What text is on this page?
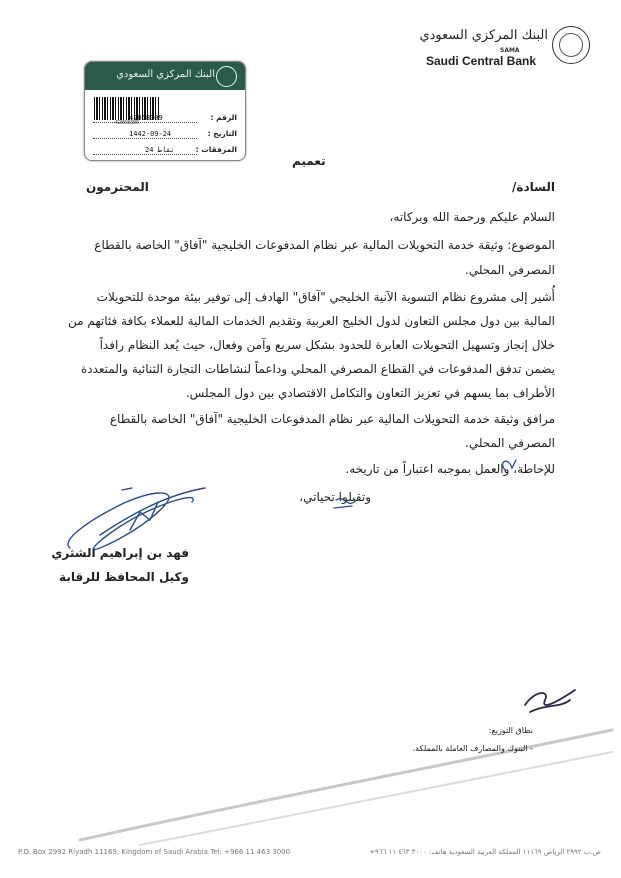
البنك المركزي السعودي
SAMA
Saudi Central Bank
البنك المركزي السعودي
42068309
الرقم :
42068309
التاريخ :
1442-09-24
المرفقات :
24 نقاط
تعميم
السادة/
المحترمون
السلام عليكم ورحمة الله وبركاته،
الموضوع: وثيقة خدمة التحويلات المالية عبر نظام المدفوعات الخليجية "آفاق" الخاصة بالقطاع
المصرفي المحلي.
أُشير إلى مشروع نظام التسوية الآنية الخليجي "آفاق" الهادف إلى توفير بيئة موحدة للتحويلات
المالية بين دول مجلس التعاون لدول الخليج العربية وتقديم الخدمات المالية للعملاء بكافة فئاتهم من
خلال إنجاز وتسهيل التحويلات العابرة للحدود بشكل سريع وآمن وفعال، حيث يُعد النظام رافداً
يضمن تدفق المدفوعات في القطاع المصرفي المحلي وداعماً لنشاطات التجارة الثنائية والمتعددة
الأطراف بما يسهم في تعزيز التعاون والتكامل الاقتصادي بين دول المجلس.
مرافق وثيقة خدمة التحويلات المالية عبر نظام المدفوعات الخليجية "آفاق" الخاصة بالقطاع
المصرفي المحلي.
للإحاطة، والعمل بموجبه اعتباراً من تاريخه.
وتقبلوا تحياتي،
فهد بن إبراهيم الشثري
وكيل المحافظ للرقابة
نطاق التوزيع:
- البنوك والمصارف العاملة بالمملكة.
P.O. Box 2992 Riyadh 11169, Kingdom of Saudi Arabia Tel: +966 11 463 3000	ص.ب ٢٩٩٢ الرياض ١١١٦٩ المملكة العربية السعودية هاتف: ٣٠٠٠ ٤٦٣ ١١ ٩٦٦+
